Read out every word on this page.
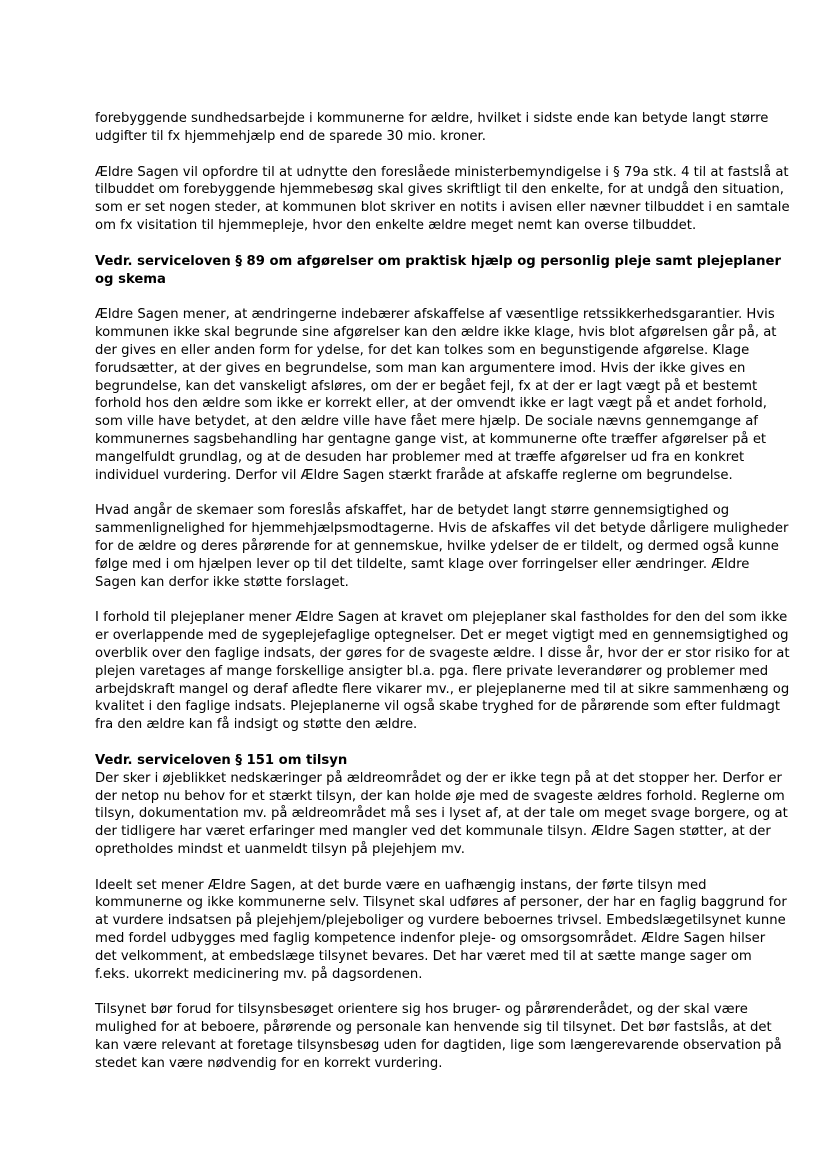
forebyggende sundhedsarbejde i kommunerne for ældre, hvilket i sidste ende kan betyde langt større udgifter til fx hjemmehjælp end de sparede 30 mio. kroner.

Ældre Sagen vil opfordre til at udnytte den foreslåede ministerbemyndigelse i § 79a stk. 4 til at fastslå at tilbuddet om forebyggende hjemmebesøg skal gives skriftligt til den enkelte, for at undgå den situation, som er set nogen steder, at kommunen blot skriver en notits i avisen eller nævner tilbuddet i en samtale om fx visitation til hjemmepleje, hvor den enkelte ældre meget nemt kan overse tilbuddet.

Vedr. serviceloven § 89 om afgørelser om praktisk hjælp og personlig pleje samt plejeplaner og skema

Ældre Sagen mener, at ændringerne indebærer afskaffelse af væsentlige retssikkerhedsgarantier. Hvis kommunen ikke skal begrunde sine afgørelser kan den ældre ikke klage, hvis blot afgørelsen går på, at der gives en eller anden form for ydelse, for det kan tolkes som en begunstigende afgørelse. Klage forudsætter, at der gives en begrundelse, som man kan argumentere imod. Hvis der ikke gives en begrundelse, kan det vanskeligt afsløres, om der er begået fejl, fx at der er lagt vægt på et bestemt forhold hos den ældre som ikke er korrekt eller, at der omvendt ikke er lagt vægt på et andet forhold, som ville have betydet, at den ældre ville have fået mere hjælp. De sociale nævns gennemgange af kommunernes sagsbehandling har gentagne gange vist, at kommunerne ofte træffer afgørelser på et mangelfuldt grundlag, og at de desuden har problemer med at træffe afgørelser ud fra en konkret individuel vurdering. Derfor vil Ældre Sagen stærkt fraråde at afskaffe reglerne om begrundelse.

Hvad angår de skemaer som foreslås afskaffet, har de betydet langt større gennemsigtighed og sammenlignelighed for hjemmehjælpsmodtagerne. Hvis de afskaffes vil det betyde dårligere muligheder for de ældre og deres pårørende for at gennemskue, hvilke ydelser de er tildelt, og dermed også kunne følge med i om hjælpen lever op til det tildelte, samt klage over forringelser eller ændringer. Ældre Sagen kan derfor ikke støtte forslaget.

I forhold til plejeplaner mener Ældre Sagen at kravet om plejeplaner skal fastholdes for den del som ikke er overlappende med de sygeplejefaglige optegnelser. Det er meget vigtigt med en gennemsigtighed og overblik over den faglige indsats, der gøres for de svageste ældre. I disse år, hvor der er stor risiko for at plejen varetages af mange forskellige ansigter bl.a. pga. flere private leverandører og problemer med arbejdskraft mangel og deraf afledte flere vikarer mv., er plejeplanerne med til at sikre sammenhæng og kvalitet i den faglige indsats. Plejeplanerne vil også skabe tryghed for de pårørende som efter fuldmagt fra den ældre kan få indsigt og støtte den ældre.

Vedr. serviceloven § 151 om tilsyn

Der sker i øjeblikket nedskæringer på ældreområdet og der er ikke tegn på at det stopper her. Derfor er der netop nu behov for et stærkt tilsyn, der kan holde øje med de svageste ældres forhold. Reglerne om tilsyn, dokumentation mv. på ældreområdet må ses i lyset af, at der tale om meget svage borgere, og at der tidligere har været erfaringer med mangler ved det kommunale tilsyn. Ældre Sagen støtter, at der opretholdes mindst et uanmeldt tilsyn på plejehjem mv.

Ideelt set mener Ældre Sagen, at det burde være en uafhængig instans, der førte tilsyn med kommunerne og ikke kommunerne selv. Tilsynet skal udføres af personer, der har en faglig baggrund for at vurdere indsatsen på plejehjem/plejeboliger og vurdere beboernes trivsel. Embedslægetilsynet kunne med fordel udbygges med faglig kompetence indenfor pleje- og omsorgsområdet. Ældre Sagen hilser det velkomment, at embedslæge tilsynet bevares. Det har været med til at sætte mange sager om f.eks. ukorrekt medicinering mv. på dagsordenen.

Tilsynet bør forud for tilsynsbesøget orientere sig hos bruger- og pårørenderådet, og der skal være mulighed for at beboere, pårørende og personale kan henvende sig til tilsynet. Det bør fastslås, at det kan være relevant at foretage tilsynsbesøg uden for dagtiden, lige som længerevarende observation på stedet kan være nødvendig for en korrekt vurdering.
